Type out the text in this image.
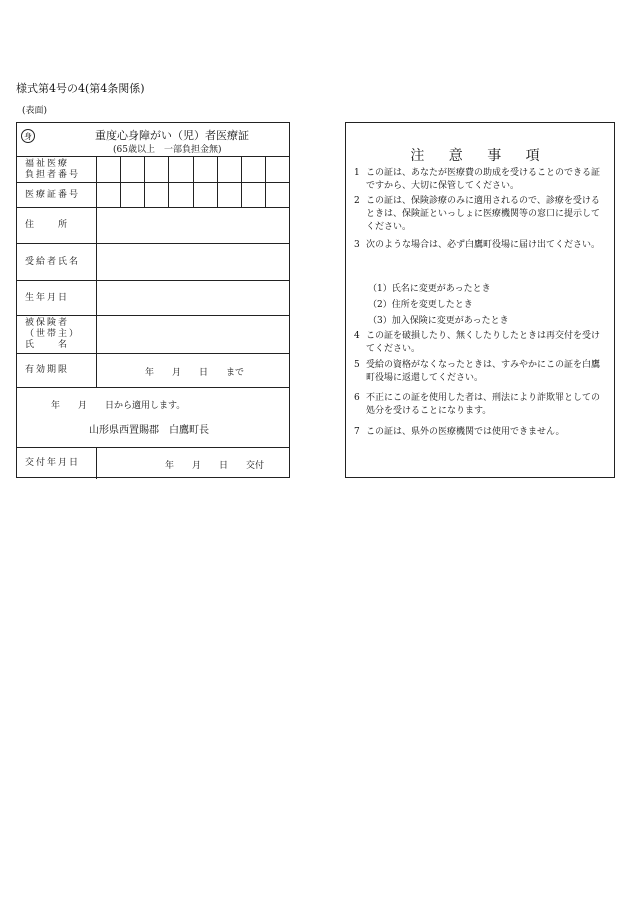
様式第4号の4(第4条関係)
(表面)
身	重度心身障がい（児）者医療証
(65歳以上　一部負担金無)
福祉医療
負担者番号
医療証番号
住　　所
受給者氏名
生年月日
被保険者
（世帯主）
氏　　名
有効期限	年　　月　　日　　まで
年　　月　　日から適用します。
山形県西置賜郡　白鷹町長
交付年月日	年　　月　　日　　交付
注 意 事 項
1 この証は、あなたが医療費の助成を受けることのできる証ですから、大切に保管してください。
2 この証は、保険診療のみに適用されるので、診療を受けるときは、保険証といっしょに医療機関等の窓口に提示してください。
3 次のような場合は、必ず白鷹町役場に届け出てください。
（1）氏名に変更があったとき
（2）住所を変更したとき
（3）加入保険に変更があったとき
4 この証を破損したり、無くしたりしたときは再交付を受けてください。
5 受給の資格がなくなったときは、すみやかにこの証を白鷹町役場に返還してください。
6 不正にこの証を使用した者は、刑法により詐欺罪としての処分を受けることになります。
7 この証は、県外の医療機関では使用できません。
